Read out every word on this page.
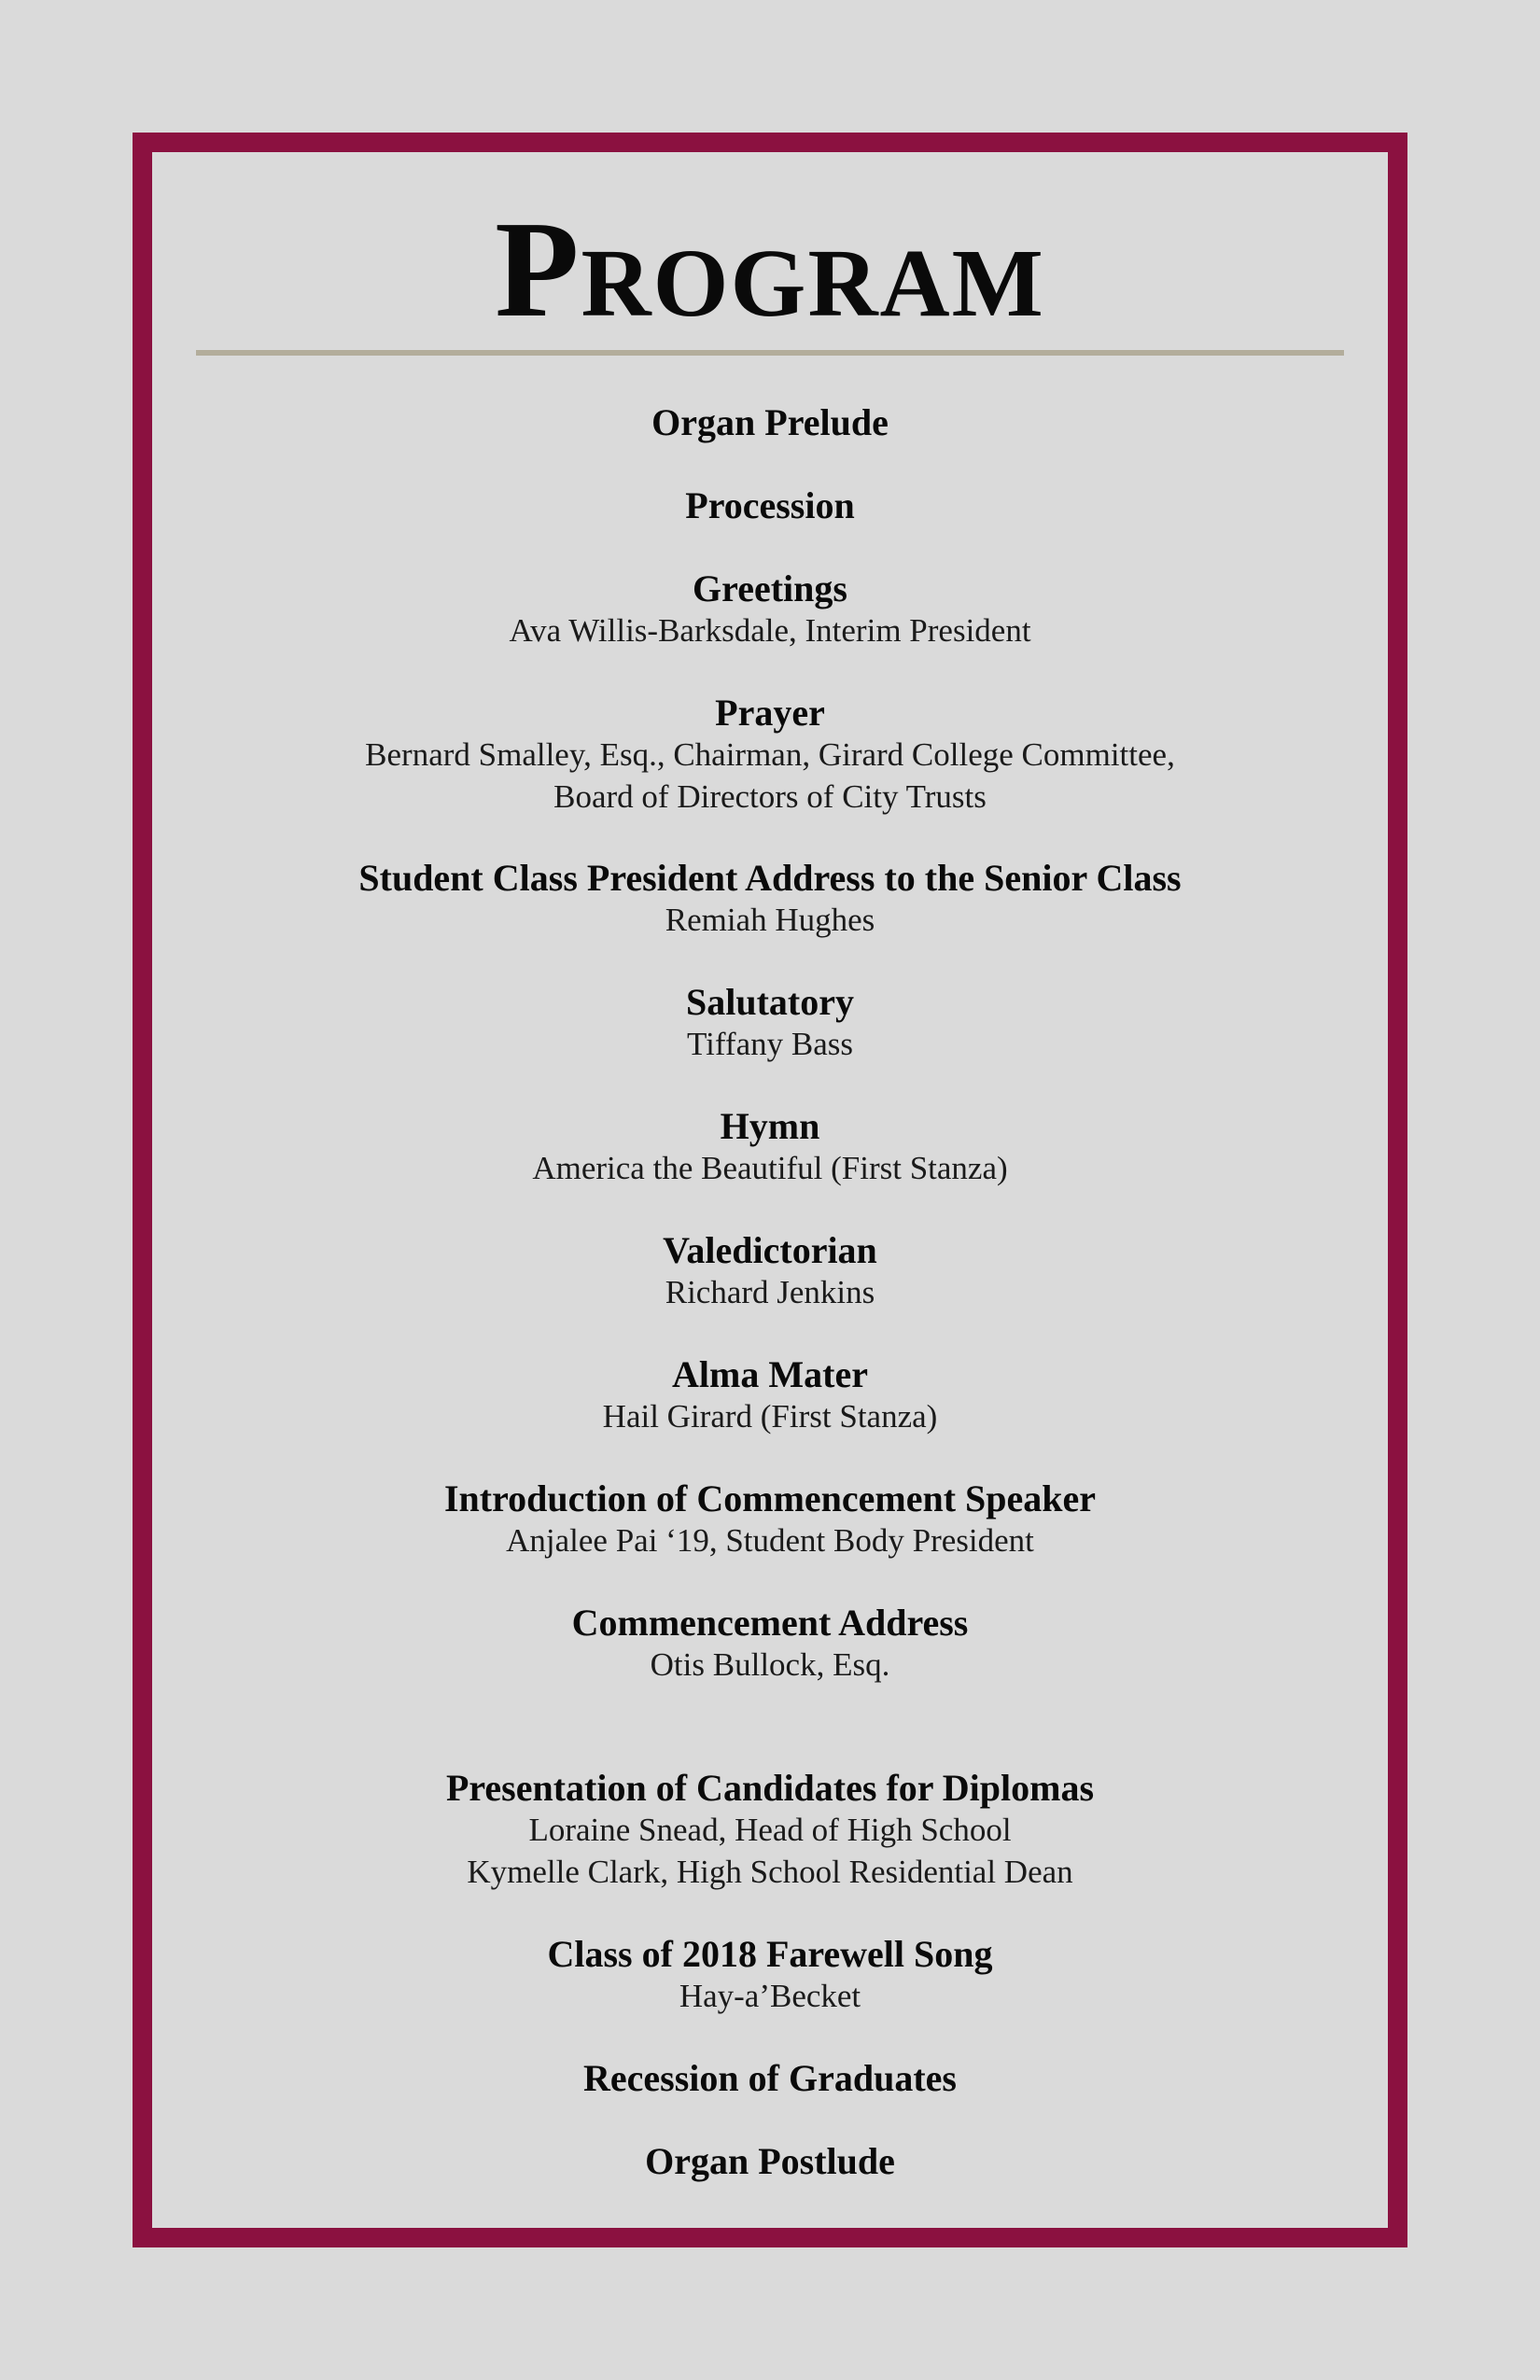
Program
Organ Prelude
Procession
Greetings
Ava Willis-Barksdale, Interim President
Prayer
Bernard Smalley, Esq., Chairman, Girard College Committee,
Board of Directors of City Trusts
Student Class President Address to the Senior Class
Remiah Hughes
Salutatory
Tiffany Bass
Hymn
America the Beautiful (First Stanza)
Valedictorian
Richard Jenkins
Alma Mater
Hail Girard (First Stanza)
Introduction of Commencement Speaker
Anjalee Pai ‘19, Student Body President
Commencement Address
Otis Bullock, Esq.
Presentation of Candidates for Diplomas
Loraine Snead, Head of High School
Kymelle Clark, High School Residential Dean
Class of 2018 Farewell Song
Hay-a’Becket
Recession of Graduates
Organ Postlude
